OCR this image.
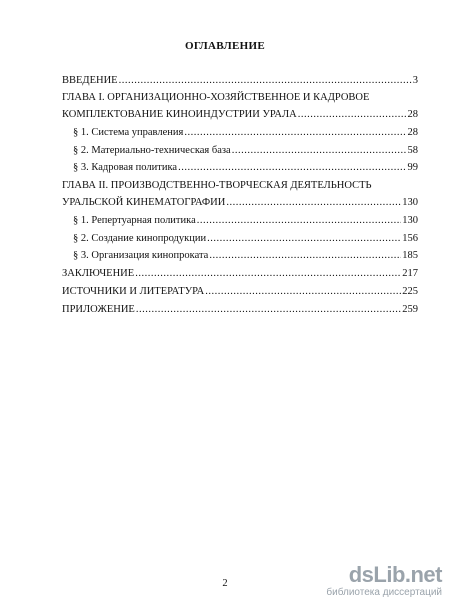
ОГЛАВЛЕНИЕ
ВВЕДЕНИЕ .....	3
ГЛАВА I. ОРГАНИЗАЦИОННО-ХОЗЯЙСТВЕННОЕ И КАДРОВОЕ
КОМПЛЕКТОВАНИЕ КИНОИНДУСТРИИ УРАЛА .....	28
§ 1. Система управления .....	28
§ 2. Материально-техническая база .....	58
§ 3. Кадровая политика .....	99
ГЛАВА II. ПРОИЗВОДСТВЕННО-ТВОРЧЕСКАЯ ДЕЯТЕЛЬНОСТЬ
УРАЛЬСКОЙ КИНЕМАТОГРАФИИ .....	130
§ 1. Репертуарная политика .....	130
§ 2. Создание кинопродукции .....	156
§ 3. Организация кинопроката .....	185
ЗАКЛЮЧЕНИЕ .....	217
ИСТОЧНИКИ И ЛИТЕРАТУРА .....	225
ПРИЛОЖЕНИЕ .....	259
2	dsLib.net
библиотека диссертаций
